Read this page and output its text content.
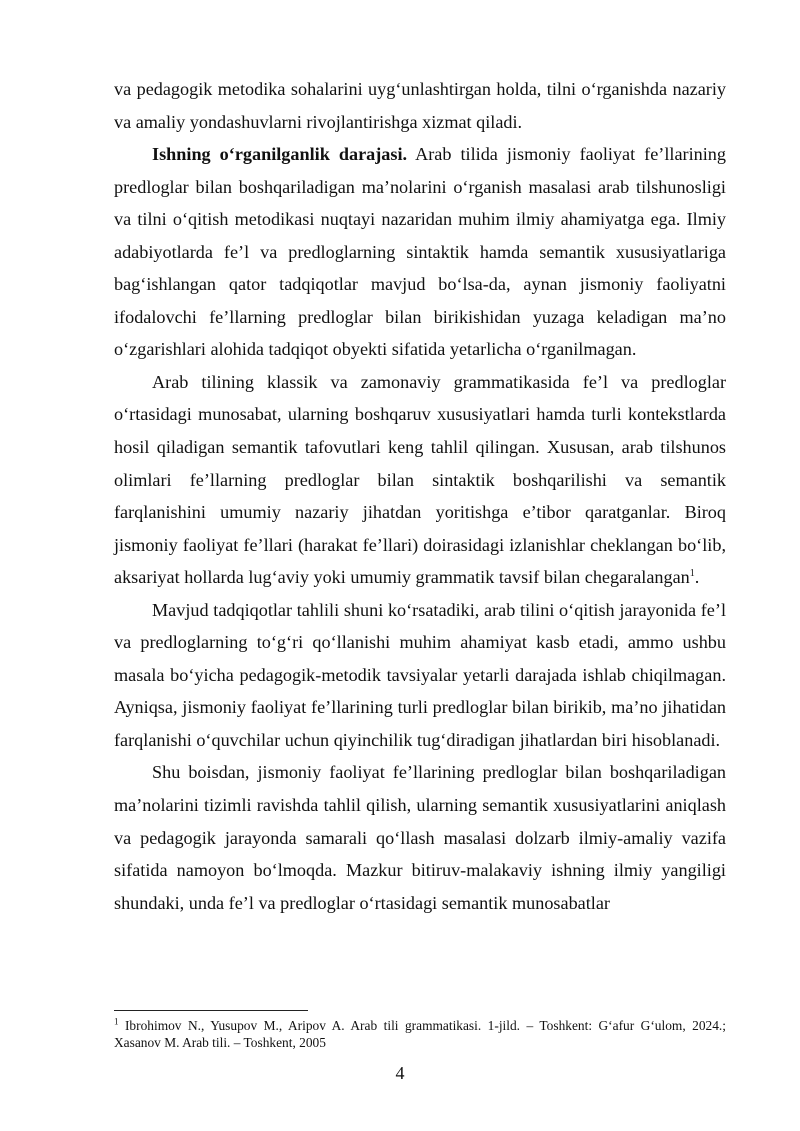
va pedagogik metodika sohalarini uyg‘unlashtirgan holda, tilni o‘rganishda nazariy va amaliy yondashuvlarni rivojlantirishga xizmat qiladi.

Ishning o‘rganilganlik darajasi. Arab tilida jismoniy faoliyat fe’llarining predloglar bilan boshqariladigan ma’nolarini o‘rganish masalasi arab tilshunosligi va tilni o‘qitish metodikasi nuqtayi nazaridan muhim ilmiy ahamiyatga ega. Ilmiy adabiyotlarda fe’l va predloglarning sintaktik hamda semantik xususiyatlariga bag‘ishlangan qator tadqiqotlar mavjud bo‘lsa-da, aynan jismoniy faoliyatni ifodalovchi fe’llarning predloglar bilan birikishidan yuzaga keladigan ma’no o‘zgarishlari alohida tadqiqot obyekti sifatida yetarlicha o‘rganilmagan.

Arab tilining klassik va zamonaviy grammatikasida fe’l va predloglar o‘rtasidagi munosabat, ularning boshqaruv xususiyatlari hamda turli kontekstlarda hosil qiladigan semantik tafovutlari keng tahlil qilingan. Xususan, arab tilshunos olimlari fe’llarning predloglar bilan sintaktik boshqarilishi va semantik farqlanishini umumiy nazariy jihatdan yoritishga e’tibor qaratganlar. Biroq jismoniy faoliyat fe’llari (harakat fe’llari) doirasidagi izlanishlar cheklangan bo‘lib, aksariyat hollarda lug‘aviy yoki umumiy grammatik tavsif bilan chegaralangan$^1$.

Mavjud tadqiqotlar tahlili shuni ko‘rsatadiki, arab tilini o‘qitish jarayonida fe’l va predloglarning to‘g‘ri qo‘llanishi muhim ahamiyat kasb etadi, ammo ushbu masala bo‘yicha pedagogik-metodik tavsiyalar yetarli darajada ishlab chiqilmagan. Ayniqsa, jismoniy faoliyat fe’llarining turli predloglar bilan birikib, ma’no jihatidan farqlanishi o‘quvchilar uchun qiyinchilik tug‘diradigan jihatlardan biri hisoblanadi.

Shu boisdan, jismoniy faoliyat fe’llarining predloglar bilan boshqariladigan ma’nolarini tizimli ravishda tahlil qilish, ularning semantik xususiyatlarini aniqlash va pedagogik jarayonda samarali qo‘llash masalasi dolzarb ilmiy-amaliy vazifa sifatida namoyon bo‘lmoqda. Mazkur bitiruv-malakaviy ishning ilmiy yangiligi shundaki, unda fe’l va predloglar o‘rtasidagi semantik munosabatlar

$^1$ Ibrohimov N., Yusupov M., Aripov A. Arab tili grammatikasi. 1-jild. – Toshkent: G‘afur G‘ulom, 2024.; Xasanov M. Arab tili. – Toshkent, 2005
4
